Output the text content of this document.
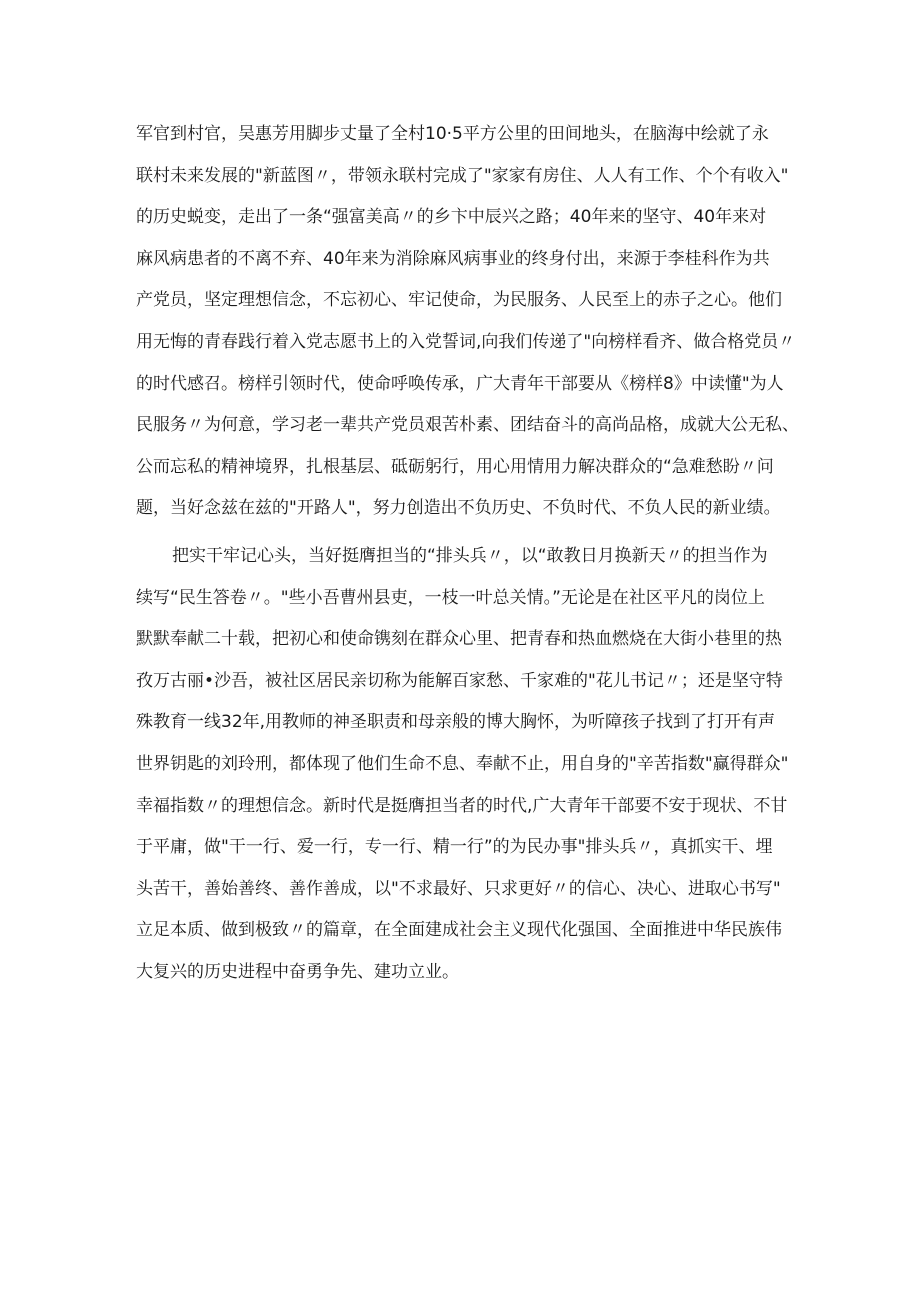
军官到村官，吴惠芳用脚步丈量了全村10·5平方公里的田间地头，在脑海中绘就了永
联村未来发展的"新蓝图〃，带领永联村完成了"家家有房住、人人有工作、个个有收入"
的历史蜕变，走出了一条“强富美高〃的乡卞中辰兴之路；40年来的坚守、40年来对
麻风病患者的不离不弃、40年来为消除麻风病事业的终身付出，来源于李桂科作为共
产党员，坚定理想信念，不忘初心、牢记使命，为民服务、人民至上的赤子之心。他们
用无悔的青春践行着入党志愿书上的入党誓词,向我们传递了"向榜样看齐、做合格党员〃
的时代感召。榜样引领时代，使命呼唤传承，广大青年干部要从《榜样8》中读懂"为人
民服务〃为何意，学习老一辈共产党员艰苦朴素、团结奋斗的高尚品格，成就大公无私、
公而忘私的精神境界，扎根基层、砥砺躬行，用心用情用力解决群众的“急难愁盼〃问
题，当好念兹在兹的"开路人"，努力创造出不负历史、不负时代、不负人民的新业绩。
把实干牢记心头，当好挺膺担当的“排头兵〃，以“敢教日月换新天〃的担当作为
续写“民生答卷〃。"些小吾曹州县吏，一枝一叶总关情。”无论是在社区平凡的岗位上
默默奉献二十载，把初心和使命镌刻在群众心里、把青春和热血燃烧在大街小巷里的热
孜万古丽•沙吾，被社区居民亲切称为能解百家愁、千家难的"花儿书记〃；还是坚守特
殊教育一线32年,用教师的神圣职责和母亲般的博大胸怀，为听障孩子找到了打开有声
世界钥匙的刘玲刑，都体现了他们生命不息、奉献不止，用自身的"辛苦指数"赢得群众"
幸福指数〃的理想信念。新时代是挺膺担当者的时代,广大青年干部要不安于现状、不甘
于平庸，做"干一行、爱一行，专一行、精一行”的为民办事"排头兵〃，真抓实干、埋
头苦干，善始善终、善作善成，以"不求最好、只求更好〃的信心、决心、进取心书写"
立足本质、做到极致〃的篇章，在全面建成社会主义现代化强国、全面推进中华民族伟
大复兴的历史进程中奋勇争先、建功立业。
